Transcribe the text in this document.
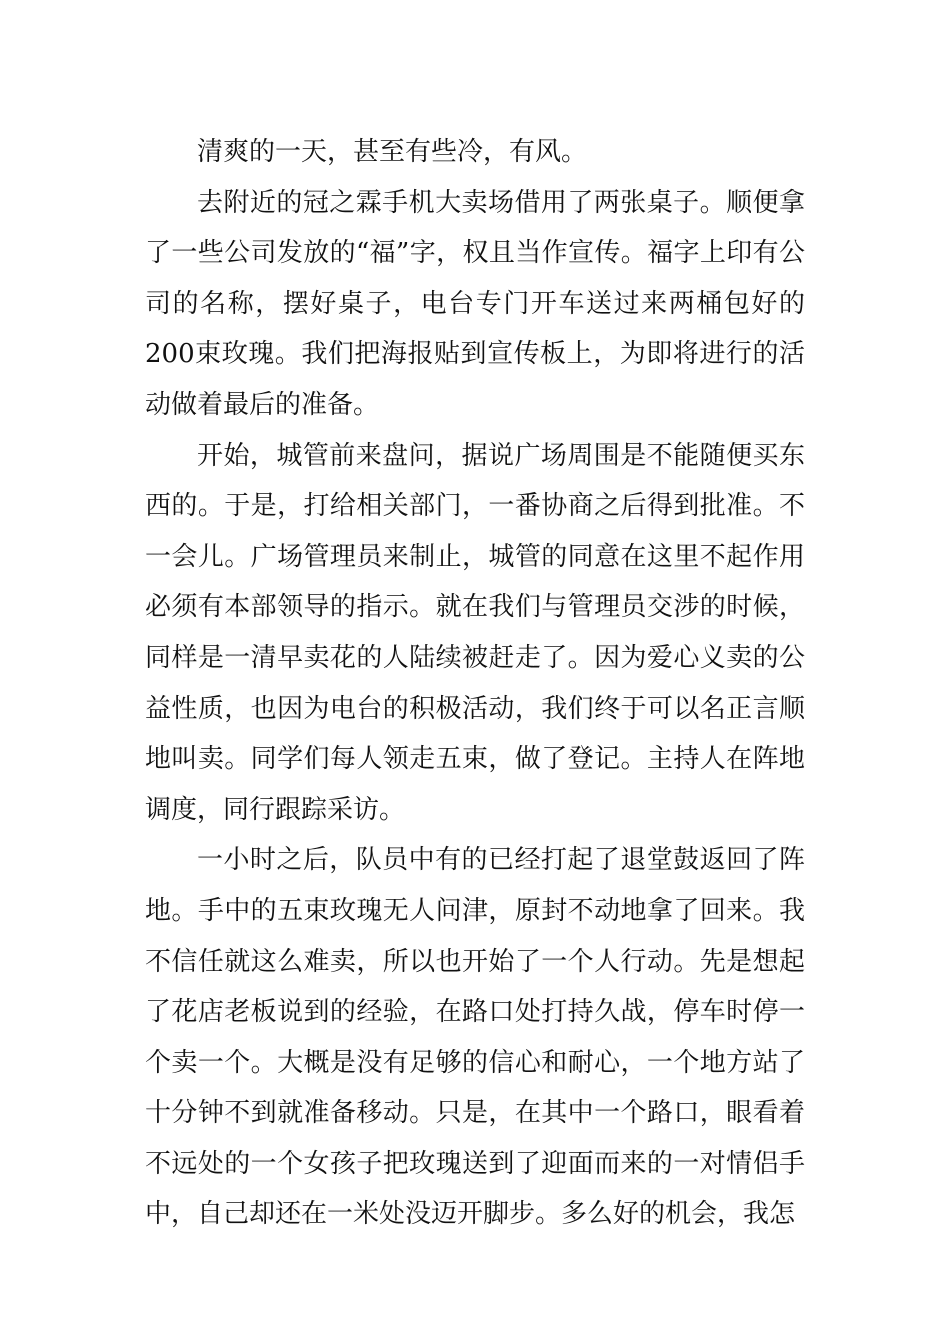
清爽的一天，甚至有些冷，有风。

去附近的冠之霖手机大卖场借用了两张桌子。顺便拿了一些公司发放的“福”字，权且当作宣传。福字上印有公司的名称，摆好桌子，电台专门开车送过来两桶包好的200束玫瑰。我们把海报贴到宣传板上，为即将进行的活动做着最后的准备。

开始，城管前来盘问，据说广场周围是不能随便买东西的。于是，打给相关部门，一番协商之后得到批准。不一会儿。广场管理员来制止，城管的同意在这里不起作用必须有本部领导的指示。就在我们与管理员交涉的时候，同样是一清早卖花的人陆续被赶走了。因为爱心义卖的公益性质，也因为电台的积极活动，我们终于可以名正言顺地叫卖。同学们每人领走五束，做了登记。主持人在阵地调度，同行跟踪采访。

一小时之后，队员中有的已经打起了退堂鼓返回了阵地。手中的五束玫瑰无人问津，原封不动地拿了回来。我不信任就这么难卖，所以也开始了一个人行动。先是想起了花店老板说到的经验，在路口处打持久战，停车时停一个卖一个。大概是没有足够的信心和耐心，一个地方站了十分钟不到就准备移动。只是，在其中一个路口，眼看着不远处的一个女孩子把玫瑰送到了迎面而来的一对情侣手中，自己却还在一米处没迈开脚步。多么好的机会，我怎
